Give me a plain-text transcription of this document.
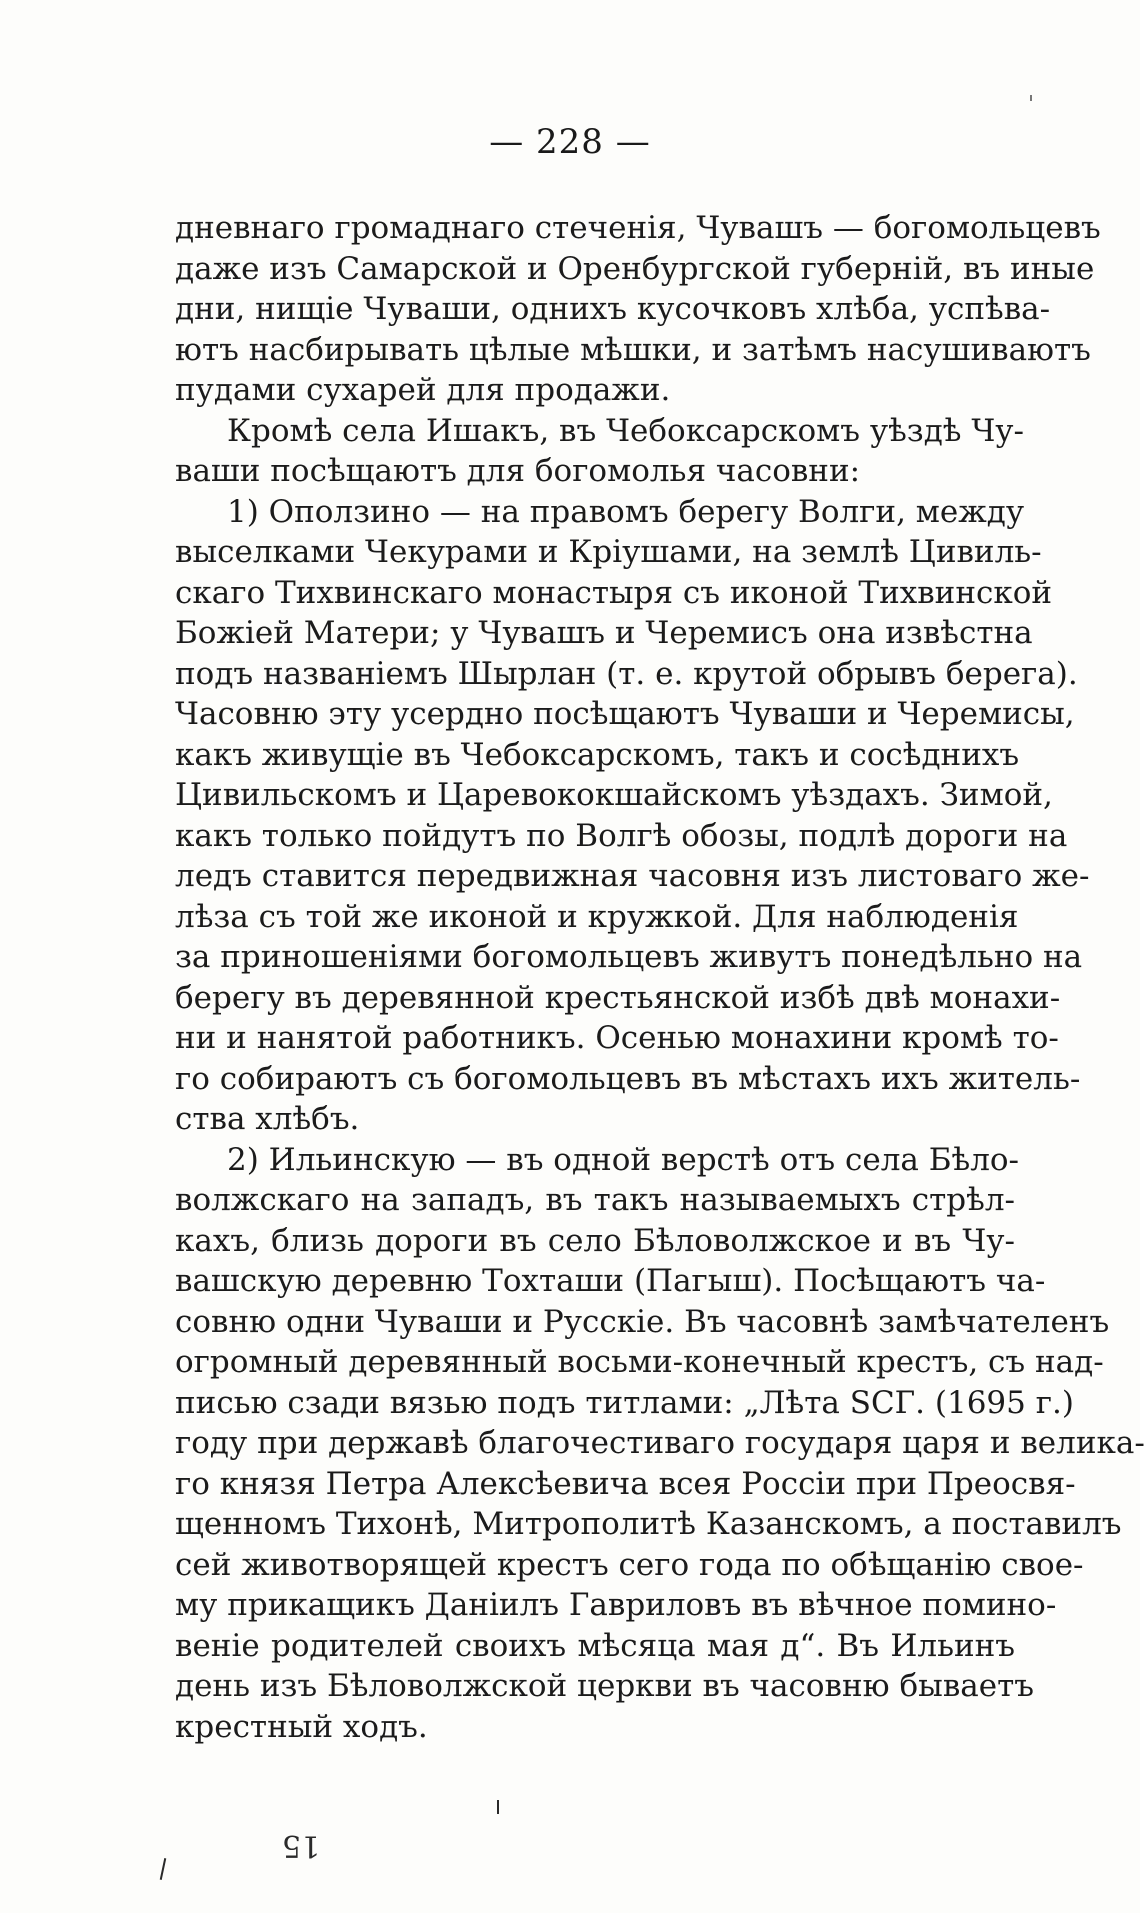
— 228 —
дневнаго громаднаго стеченія, Чувашъ — богомольцевъ
даже изъ Самарской и Оренбургской губерній, въ иные
дни, нищіе Чуваши, однихъ кусочковъ хлѣба, успѣва-
ютъ насбирывать цѣлые мѣшки, и затѣмъ насушиваютъ
пудами сухарей для продажи.
Кромѣ села Ишакъ, въ Чебоксарскомъ уѣздѣ Чу-
ваши посѣщаютъ для богомолья часовни:
1) Оползино — на правомъ берегу Волги, между
выселками Чекурами и Кріушами, на землѣ Цивиль-
скаго Тихвинскаго монастыря съ иконой Тихвинской
Божіей Матери; у Чувашъ и Черемисъ она извѣстна
подъ названіемъ Шырлан (т. е. крутой обрывъ берега).
Часовню эту усердно посѣщаютъ Чуваши и Черемисы,
какъ живущіе въ Чебоксарскомъ, такъ и сосѣднихъ
Цивильскомъ и Царевококшайскомъ уѣздахъ. Зимой,
какъ только пойдутъ по Волгѣ обозы, подлѣ дороги на
ледъ ставится передвижная часовня изъ листоваго же-
лѣза съ той же иконой и кружкой. Для наблюденія
за приношеніями богомольцевъ живутъ понедѣльно на
берегу въ деревянной крестьянской избѣ двѣ монахи-
ни и нанятой работникъ. Осенью монахини кромѣ то-
го собираютъ съ богомольцевъ въ мѣстахъ ихъ житель-
ства хлѣбъ.
2) Ильинскую — въ одной верстѣ отъ села Бѣло-
волжскаго на западъ, въ такъ называемыхъ стрѣл-
кахъ, близь дороги въ село Бѣловолжское и въ Чу-
вашскую деревню Тохташи (Пагыш). Посѣщаютъ ча-
совню одни Чуваши и Русскіе. Въ часовнѣ замѣчателенъ
огромный деревянный восьми-конечный крестъ, съ над-
писью сзади вязью подъ титлами: „Лѣта SCГ. (1695 г.)
году при державѣ благочестиваго государя царя и велика-
го князя Петра Алексѣевича всея Россіи при Преосвя-
щенномъ Тихонѣ, Митрополитѣ Казанскомъ, а поставилъ
сей животворящей крестъ сего года по обѣщанію свое-
му прикащикъ Даніилъ Гавриловъ въ вѣчное помино-
веніе родителей своихъ мѣсяца мая д“. Въ Ильинъ
день изъ Бѣловолжской церкви въ часовню бываетъ
крестный ходъ.
15
